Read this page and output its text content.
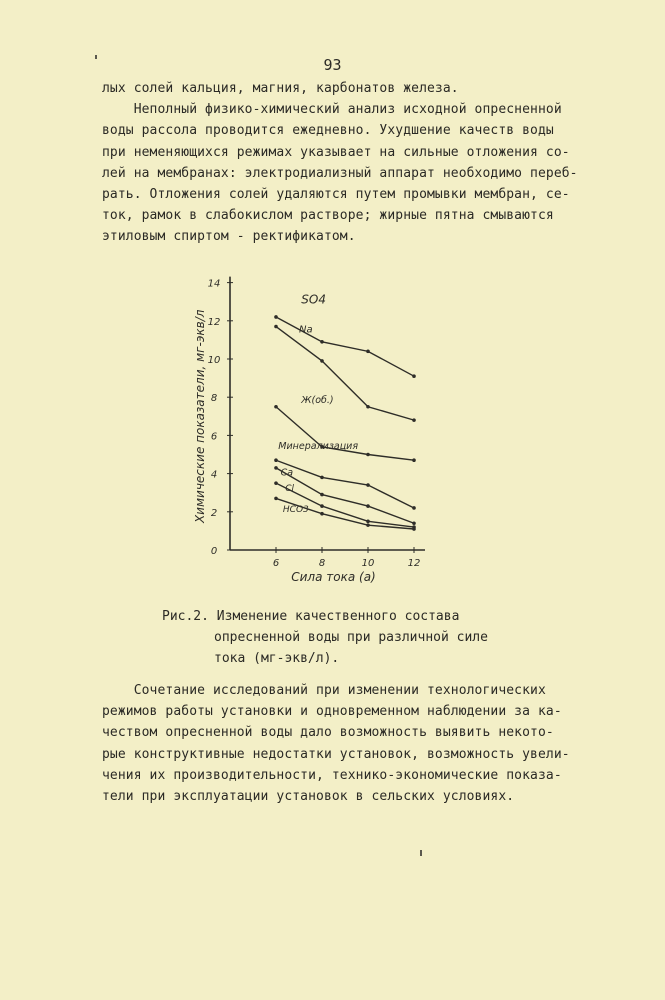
93
лых солей кальция, магния, карбонатов железа.
Неполный физико-химический анализ исходной опресненной
воды рассола проводится ежедневно. Ухудшение качеств воды
при неменяющихся режимах указывает на сильные отложения со-
лей на мембранах: электродиализный аппарат необходимо переб-
рать. Отложения солей удаляются путем промывки мембран, се-
ток, рамок в слабокислом растворе; жирные пятна смываются
этиловым спиртом - ректификатом.
0
2
4
6
8
10
12
14
6	8	10	12
Сила тока (а)
Химические показатели, мг-экв/л
SO4
Na
Ж(об.)
Минерализация
Ca
Cl
HCO3
Рис.2. Изменение качественного состава
опресненной воды при различной силе
тока (мг-экв/л).
Сочетание исследований при изменении технологических
режимов работы установки и одновременном наблюдении за ка-
чеством опресненной воды дало возможность выявить некото-
рые конструктивные недостатки установок, возможность увели-
чения их производительности, технико-экономические показа-
тели при эксплуатации установок в сельских условиях.
